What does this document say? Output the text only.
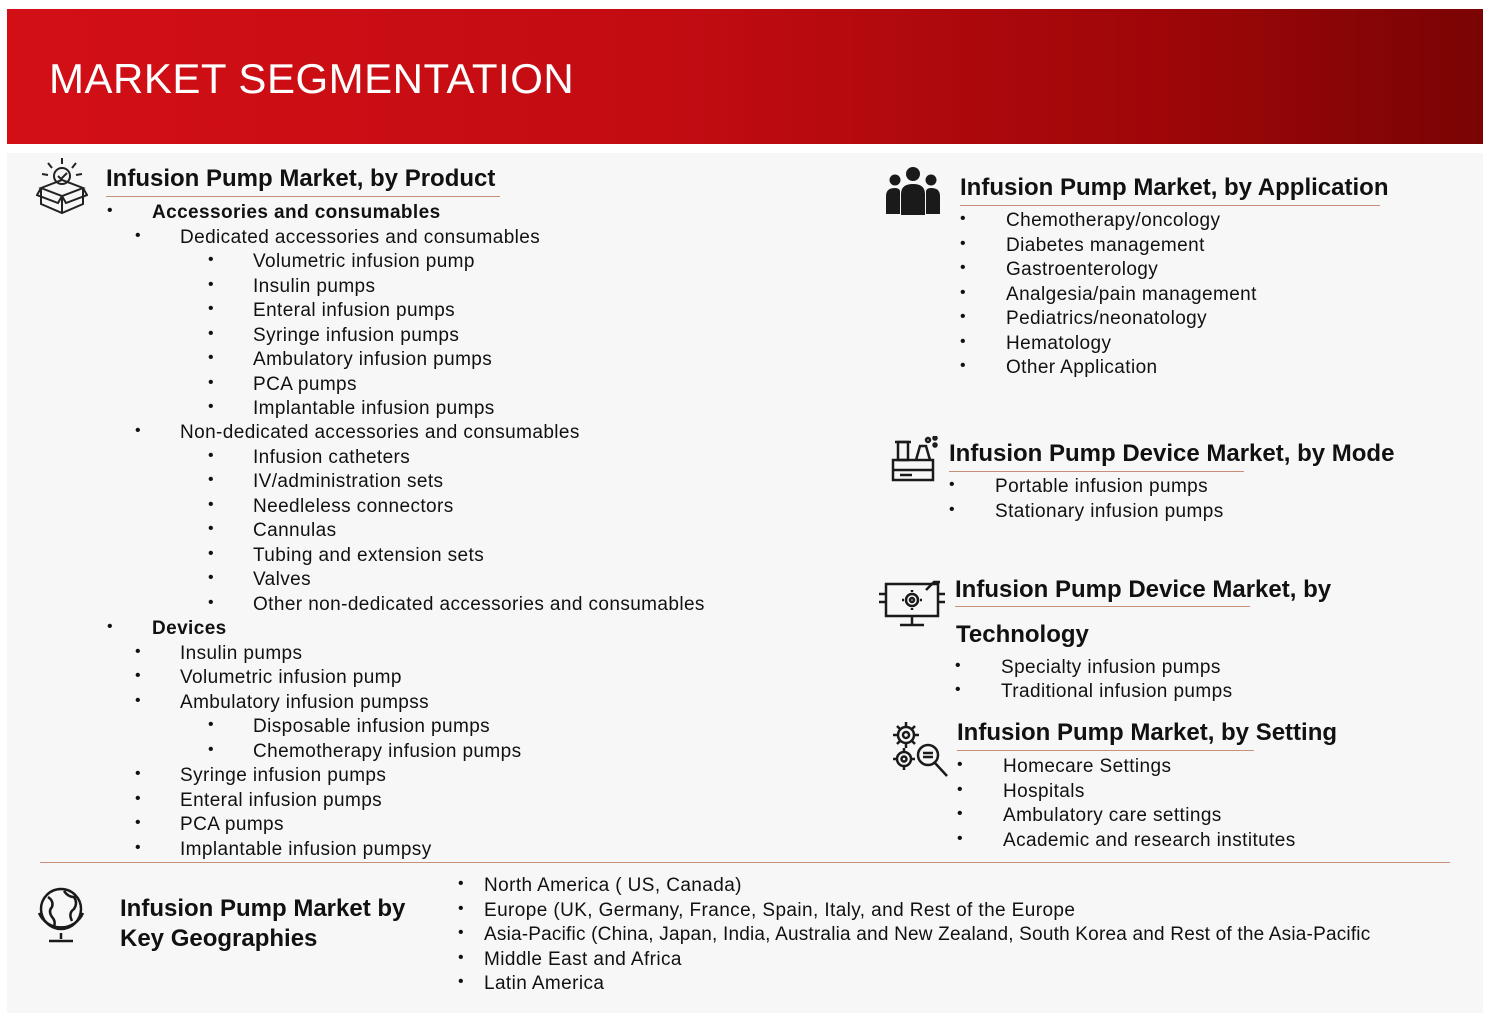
MARKET SEGMENTATION
Infusion Pump Market, by Product
• Accessories and consumables
• Dedicated accessories and consumables
• Volumetric infusion pump
• Insulin pumps
• Enteral infusion pumps
• Syringe infusion pumps
• Ambulatory infusion pumps
• PCA pumps
• Implantable infusion pumps
• Non-dedicated accessories and consumables
• Infusion catheters
• IV/administration sets
• Needleless connectors
• Cannulas
• Tubing and extension sets
• Valves
• Other non-dedicated accessories and consumables
• Devices
• Insulin pumps
• Volumetric infusion pump
• Ambulatory infusion pumpss
• Disposable infusion pumps
• Chemotherapy infusion pumps
• Syringe infusion pumps
• Enteral infusion pumps
• PCA pumps
• Implantable infusion pumpsy
Infusion Pump Market, by Application
• Chemotherapy/oncology
• Diabetes management
• Gastroenterology
• Analgesia/pain management
• Pediatrics/neonatology
• Hematology
• Other Application
Infusion Pump Device Market, by Mode
• Portable infusion pumps
• Stationary infusion pumps
Infusion Pump Device Market, by
Technology
• Specialty infusion pumps
• Traditional infusion pumps
Infusion Pump Market, by Setting
• Homecare Settings
• Hospitals
• Ambulatory care settings
• Academic and research institutes
Infusion Pump Market by
Key Geographies
• North America ( US, Canada)
• Europe (UK, Germany, France, Spain, Italy, and Rest of the Europe
• Asia-Pacific (China, Japan, India, Australia and New Zealand, South Korea and Rest of the Asia-Pacific
• Middle East and Africa
• Latin America
